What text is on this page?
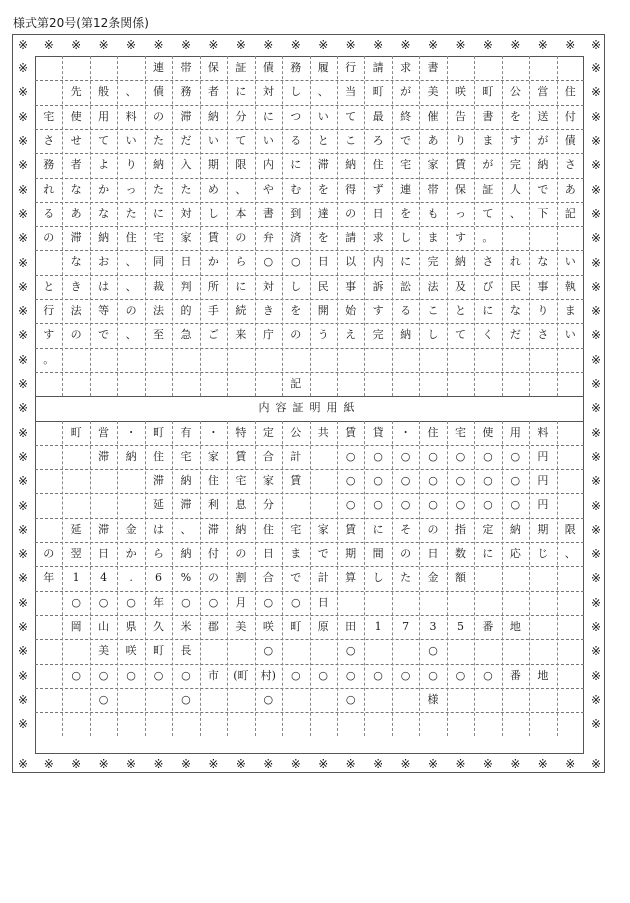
様式第20号(第12条関係)
連	帯	保	証	債	務	履	行	請	求	書
先	般	、	債	務	者	に	対	し	、	当	町	が	美	咲	町	公	営	住
宅	使	用	料	の	滞	納	分	に	つ	い	て	最	終	催	告	書	を	送	付
さ	せ	て	い	た	だ	い	て	い	る	と	こ	ろ	で	あ	り	ま	す	が	債
務	者	よ	り	納	入	期	限	内	に	滞	納	住	宅	家	賃	が	完	納	さ
れ	な	か	っ	た	た	め	、	や	む	を	得	ず	連	帯	保	証	人	で	あ
る	あ	な	た	に	対	し	本	書	到	達	の	日	を	も	っ	て	、	下	記
の	滞	納	住	宅	家	賃	の	弁	済	を	請	求	し	ま	す	。
な	お	、	同	日	か	ら	○	○	日	以	内	に	完	納	さ	れ	な	い
と	き	は	、	裁	判	所	に	対	し	民	事	訴	訟	法	及	び	民	事	執
行	法	等	の	法	的	手	続	き	を	開	始	す	る	こ	と	に	な	り	ま
す	の	で	、	至	急	ご	来	庁	の	う	え	完	納	し	て	く	だ	さ	い
。
記
町	営	・	町	有	・	特	定	公	共	賃	貸	・	住	宅	使	用	料
滞	納	住	宅	家	賃	合	計	○	○	○	○	○	○	○	円
滞	納	住	宅	家	賃	○	○	○	○	○	○	○	円
延	滞	利	息	分	○	○	○	○	○	○	○	円
延	滞	金	は	、	滞	納	住	宅	家	賃	に	そ	の	指	定	納	期	限
の	翌	日	か	ら	納	付	の	日	ま	で	期	間	の	日	数	に	応	じ	、
年	1	4	.	6	%	の	割	合	で	計	算	し	た	金	額
○	○	○	年	○	○	月	○	○	日
岡	山	県	久	米	郡	美	咲	町	原	田	1	7	3	5	番	地
美	咲	町	長	○	○	○
○	○	○	○	○	市	(町	村)	○	○	○	○	○	○	○	○	番	地
○	○	○	○	様
内容証明用紙
※	※
※	※	※	※	※	※	※	※	※	※	※	※	※	※	※	※	※	※	※	※
※	※
※	※	※	※	※	※	※	※	※	※	※	※	※	※	※	※	※	※	※	※
※	※
※	※
※	※
※	※
※	※
※	※
※	※
※	※
※	※
※	※
※	※
※	※
※	※
※	※
※	※
※	※
※	※
※	※
※	※
※	※
※	※
※	※
※	※
※	※
※	※
※	※
※	※
※	※
